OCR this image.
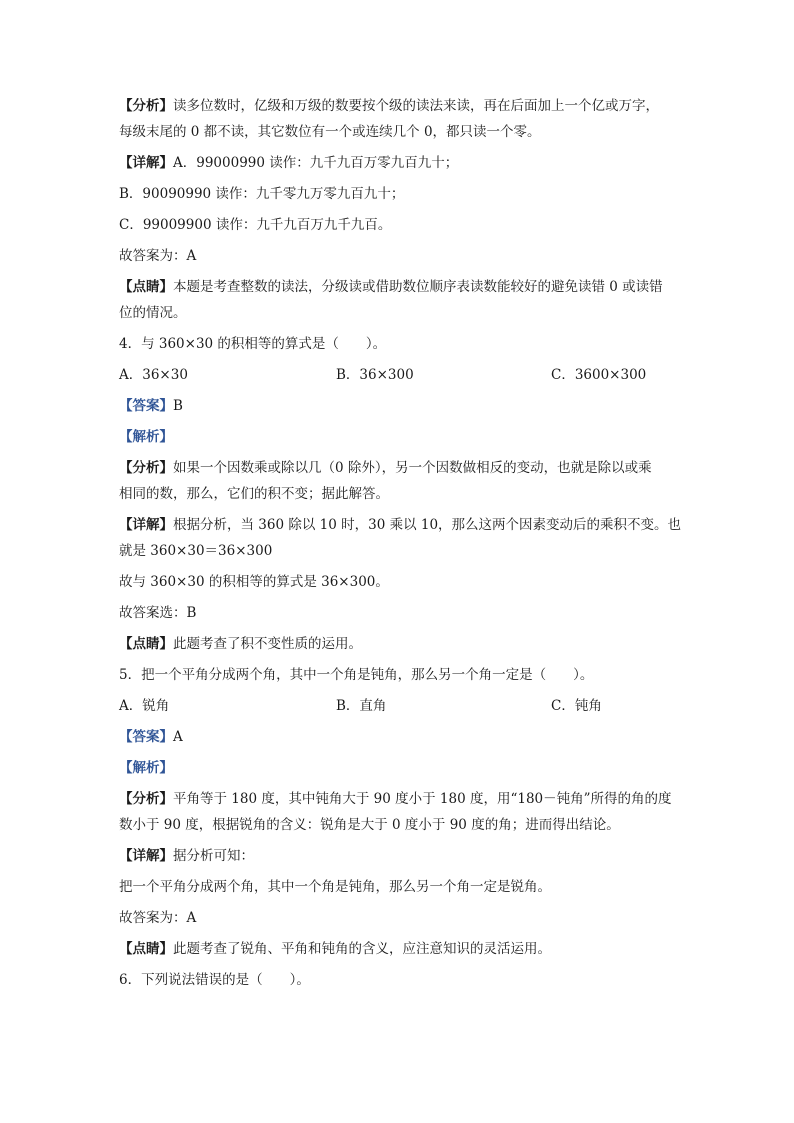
【分析】读多位数时，亿级和万级的数要按个级的读法来读，再在后面加上一个亿或万字，

每级末尾的 0 都不读，其它数位有一个或连续几个 0，都只读一个零。

【详解】A．99000990 读作：九千九百万零九百九十；

B．90090990 读作：九千零九万零九百九十；

C．99009900 读作：九千九百万九千九百。

故答案为：A

【点睛】本题是考查整数的读法，分级读或借助数位顺序表读数能较好的避免读错 0 或读错

位的情况。

4．与 360×30 的积相等的算式是（　　）。

A．36×30	B．36×300	C．3600×300

【答案】B

【解析】

【分析】如果一个因数乘或除以几（0 除外），另一个因数做相反的变动，也就是除以或乘

相同的数，那么，它们的积不变；据此解答。

【详解】根据分析，当 360 除以 10 时，30 乘以 10，那么这两个因素变动后的乘积不变。也

就是 360×30＝36×300

故与 360×30 的积相等的算式是 36×300。

故答案选：B

【点睛】此题考查了积不变性质的运用。

5．把一个平角分成两个角，其中一个角是钝角，那么另一个角一定是（　　）。

A．锐角	B．直角	C．钝角

【答案】A

【解析】

【分析】平角等于 180 度，其中钝角大于 90 度小于 180 度，用“180－钝角”所得的角的度

数小于 90 度，根据锐角的含义：锐角是大于 0 度小于 90 度的角；进而得出结论。

【详解】据分析可知：

把一个平角分成两个角，其中一个角是钝角，那么另一个角一定是锐角。

故答案为：A

【点睛】此题考查了锐角、平角和钝角的含义，应注意知识的灵活运用。

6．下列说法错误的是（　　）。
